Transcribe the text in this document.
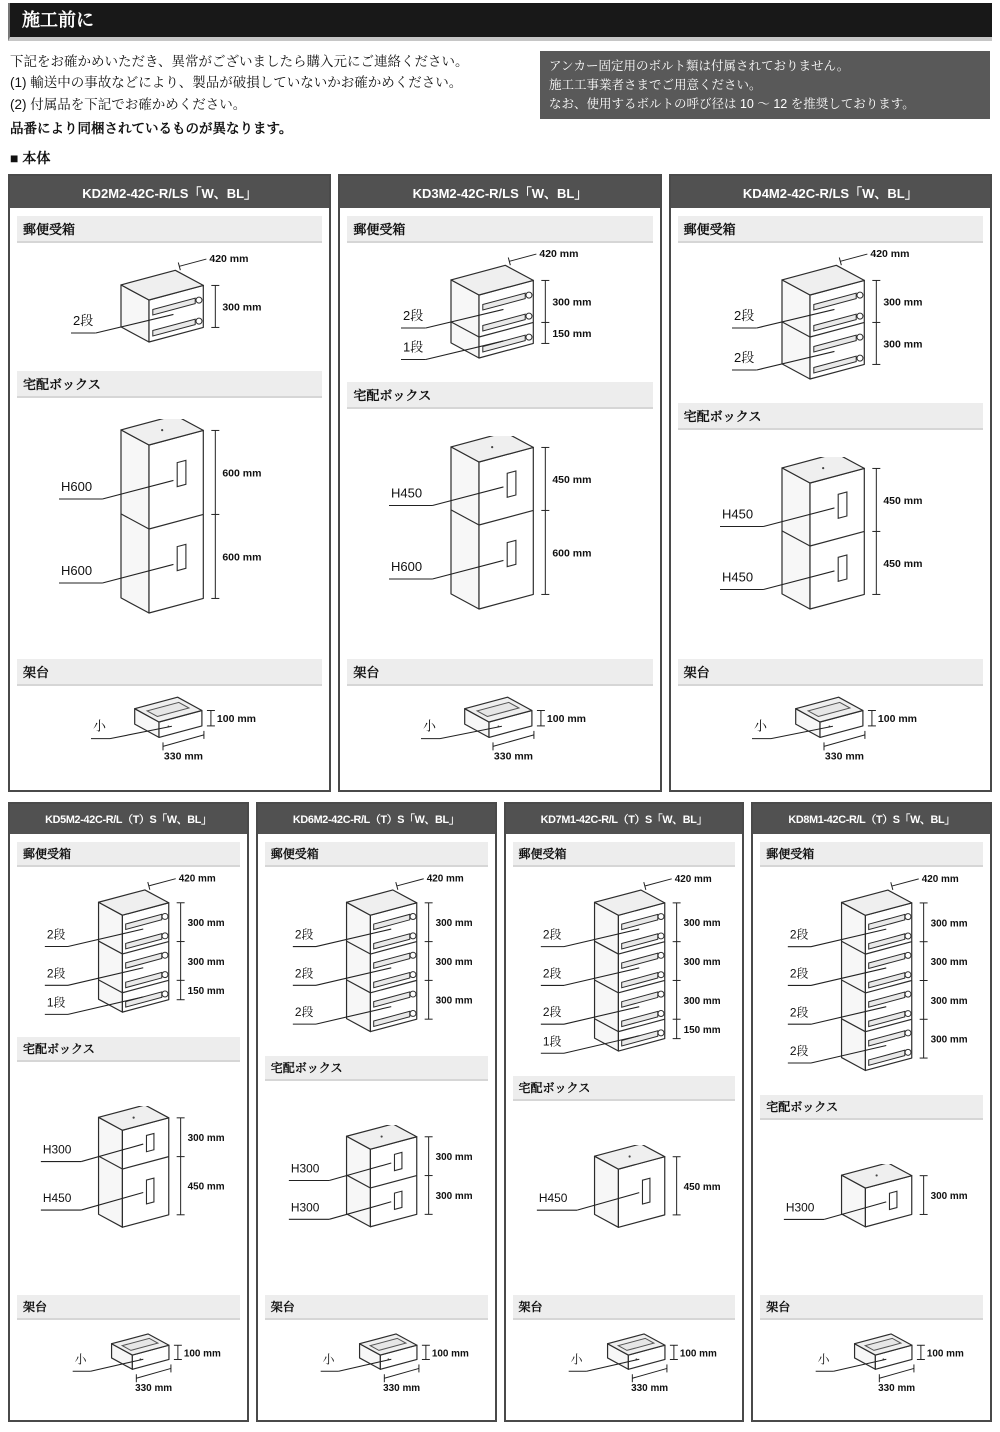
施工前に

下記をお確かめいただき、異常がございましたら購入元にご連絡ください。

(1) 輸送中の事故などにより、製品が破損していないかお確かめください。

(2) 付属品を下記でお確かめください。

品番により同梱されているものが異なります。

アンカー固定用のボルト類は付属されておりません。

施工工事業者さまでご用意ください。

なお、使用するボルトの呼び径は 10 〜 12 を推奨しております。

■ 本体
KD2M2-42C-R/LS「W、BL」
郵便受箱
300 mm
420 mm
2段
宅配ボックス
600 mm
600 mm
H600
H600
架台
100 mm
330 mm
小
KD3M2-42C-R/LS「W、BL」
郵便受箱
300 mm
150 mm
420 mm
2段
1段
宅配ボックス
450 mm
600 mm
H450
H600
架台
100 mm
330 mm
小
KD4M2-42C-R/LS「W、BL」
郵便受箱
300 mm
300 mm
420 mm
2段
2段
宅配ボックス
450 mm
450 mm
H450
H450
架台
100 mm
330 mm
小
KD5M2-42C-R/L（T）S「W、BL」
郵便受箱
300 mm
300 mm
150 mm
420 mm
2段
2段
1段
宅配ボックス
300 mm
450 mm
H300
H450
架台
100 mm
330 mm
小
KD6M2-42C-R/L（T）S「W、BL」
郵便受箱
300 mm
300 mm
300 mm
420 mm
2段
2段
2段
宅配ボックス
300 mm
300 mm
H300
H300
架台
100 mm
330 mm
小
KD7M1-42C-R/L（T）S「W、BL」
郵便受箱
300 mm
300 mm
300 mm
150 mm
420 mm
2段
2段
2段
1段
宅配ボックス
450 mm
H450
架台
100 mm
330 mm
小
KD8M1-42C-R/L（T）S「W、BL」
郵便受箱
300 mm
300 mm
300 mm
300 mm
420 mm
2段
2段
2段
2段
宅配ボックス
300 mm
H300
架台
100 mm
330 mm
小
